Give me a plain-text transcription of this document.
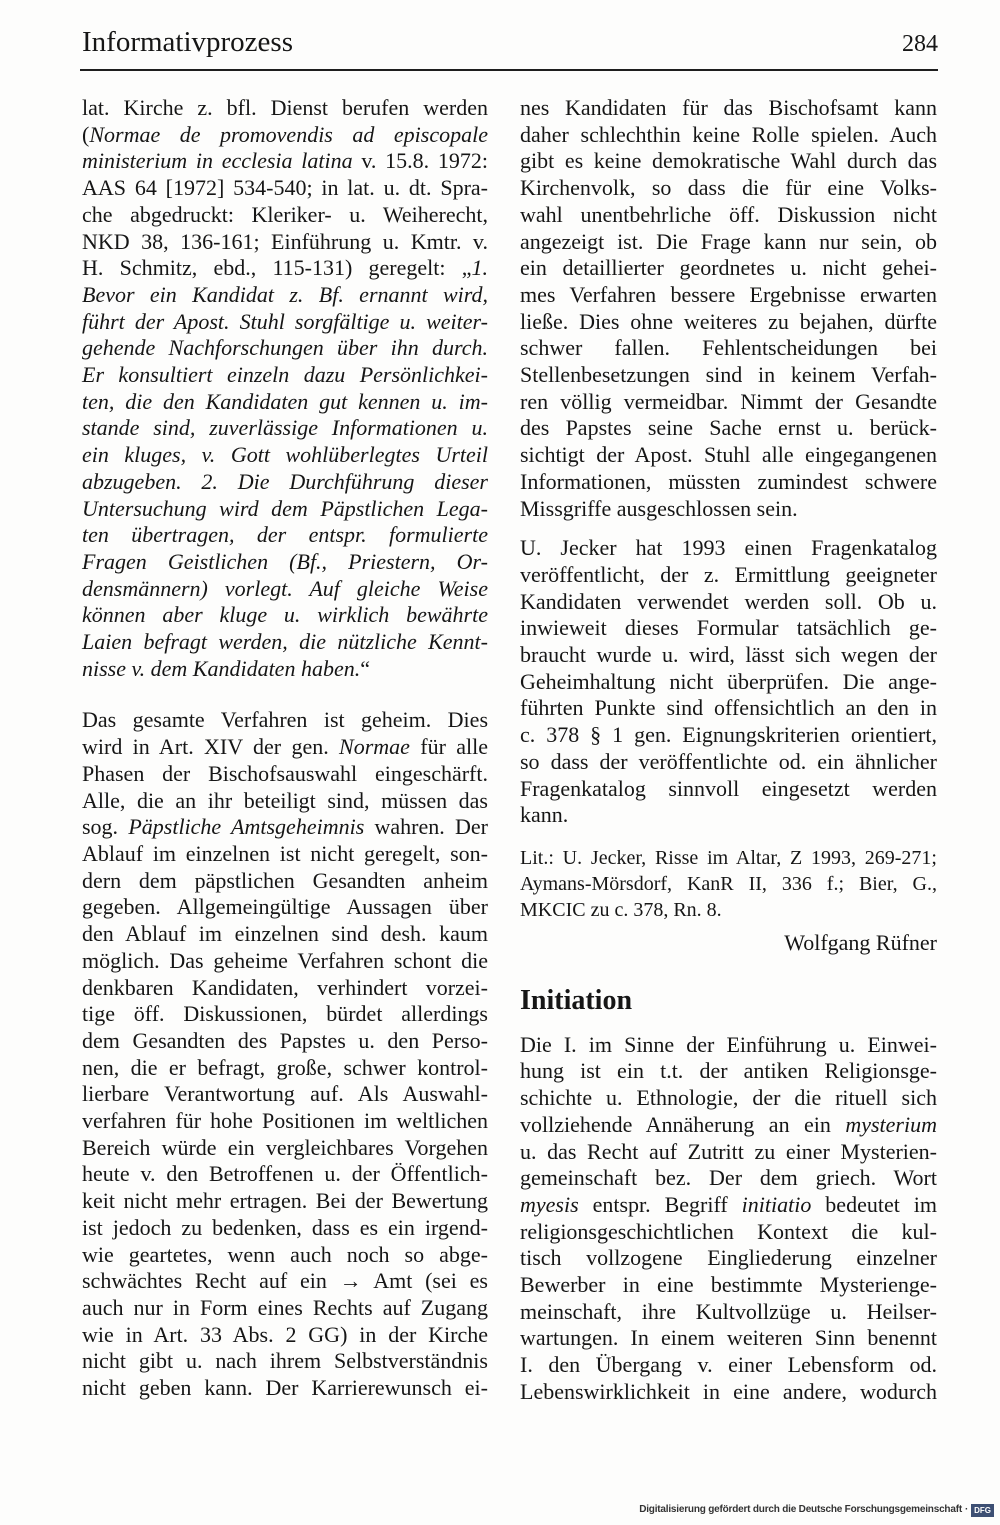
Informativprozess	284
lat. Kirche z. bfl. Dienst berufen werden
(Normae de promovendis ad episcopale
ministerium in ecclesia latina v. 15.8. 1972:
AAS 64 [1972] 534-540; in lat. u. dt. Spra-
che abgedruckt: Kleriker- u. Weiherecht,
NKD 38, 136-161; Einführung u. Kmtr. v.
H. Schmitz, ebd., 115-131) geregelt: „1.
Bevor ein Kandidat z. Bf. ernannt wird,
führt der Apost. Stuhl sorgfältige u. weiter-
gehende Nachforschungen über ihn durch.
Er konsultiert einzeln dazu Persönlichkei-
ten, die den Kandidaten gut kennen u. im-
stande sind, zuverlässige Informationen u.
ein kluges, v. Gott wohlüberlegtes Urteil
abzugeben. 2. Die Durchführung dieser
Untersuchung wird dem Päpstlichen Lega-
ten übertragen, der entspr. formulierte
Fragen Geistlichen (Bf., Priestern, Or-
densmännern) vorlegt. Auf gleiche Weise
können aber kluge u. wirklich bewährte
Laien befragt werden, die nützliche Kennt-
nisse v. dem Kandidaten haben.“
Das gesamte Verfahren ist geheim. Dies
wird in Art. XIV der gen. Normae für alle
Phasen der Bischofsauswahl eingeschärft.
Alle, die an ihr beteiligt sind, müssen das
sog. Päpstliche Amtsgeheimnis wahren. Der
Ablauf im einzelnen ist nicht geregelt, son-
dern dem päpstlichen Gesandten anheim
gegeben. Allgemeingültige Aussagen über
den Ablauf im einzelnen sind desh. kaum
möglich. Das geheime Verfahren schont die
denkbaren Kandidaten, verhindert vorzei-
tige öff. Diskussionen, bürdet allerdings
dem Gesandten des Papstes u. den Perso-
nen, die er befragt, große, schwer kontrol-
lierbare Verantwortung auf. Als Auswahl-
verfahren für hohe Positionen im weltlichen
Bereich würde ein vergleichbares Vorgehen
heute v. den Betroffenen u. der Öffentlich-
keit nicht mehr ertragen. Bei der Bewertung
ist jedoch zu bedenken, dass es ein irgend-
wie geartetes, wenn auch noch so abge-
schwächtes Recht auf ein → Amt (sei es
auch nur in Form eines Rechts auf Zugang
wie in Art. 33 Abs. 2 GG) in der Kirche
nicht gibt u. nach ihrem Selbstverständnis
nicht geben kann. Der Karrierewunsch ei-
nes Kandidaten für das Bischofsamt kann
daher schlechthin keine Rolle spielen. Auch
gibt es keine demokratische Wahl durch das
Kirchenvolk, so dass die für eine Volks-
wahl unentbehrliche öff. Diskussion nicht
angezeigt ist. Die Frage kann nur sein, ob
ein detaillierter geordnetes u. nicht gehei-
mes Verfahren bessere Ergebnisse erwarten
ließe. Dies ohne weiteres zu bejahen, dürfte
schwer fallen. Fehlentscheidungen bei
Stellenbesetzungen sind in keinem Verfah-
ren völlig vermeidbar. Nimmt der Gesandte
des Papstes seine Sache ernst u. berück-
sichtigt der Apost. Stuhl alle eingegangenen
Informationen, müssten zumindest schwere
Missgriffe ausgeschlossen sein.
U. Jecker hat 1993 einen Fragenkatalog
veröffentlicht, der z. Ermittlung geeigneter
Kandidaten verwendet werden soll. Ob u.
inwieweit dieses Formular tatsächlich ge-
braucht wurde u. wird, lässt sich wegen der
Geheimhaltung nicht überprüfen. Die ange-
führten Punkte sind offensichtlich an den in
c. 378 § 1 gen. Eignungskriterien orientiert,
so dass der veröffentlichte od. ein ähnlicher
Fragenkatalog sinnvoll eingesetzt werden
kann.
Lit.: U. Jecker, Risse im Altar, Z 1993, 269-271;
Aymans-Mörsdorf, KanR II, 336 f.; Bier, G.,
MKCIC zu c. 378, Rn. 8.
Wolfgang Rüfner
Initiation
Die I. im Sinne der Einführung u. Einwei-
hung ist ein t.t. der antiken Religionsge-
schichte u. Ethnologie, der die rituell sich
vollziehende Annäherung an ein mysterium
u. das Recht auf Zutritt zu einer Mysterien-
gemeinschaft bez. Der dem griech. Wort
myesis entspr. Begriff initiatio bedeutet im
religionsgeschichtlichen Kontext die kul-
tisch vollzogene Eingliederung einzelner
Bewerber in eine bestimmte Mysterienge-
meinschaft, ihre Kultvollzüge u. Heilser-
wartungen. In einem weiteren Sinn benennt
I. den Übergang v. einer Lebensform od.
Lebenswirklichkeit in eine andere, wodurch
Digitalisierung gefördert durch die Deutsche Forschungsgemeinschaft · DFG
